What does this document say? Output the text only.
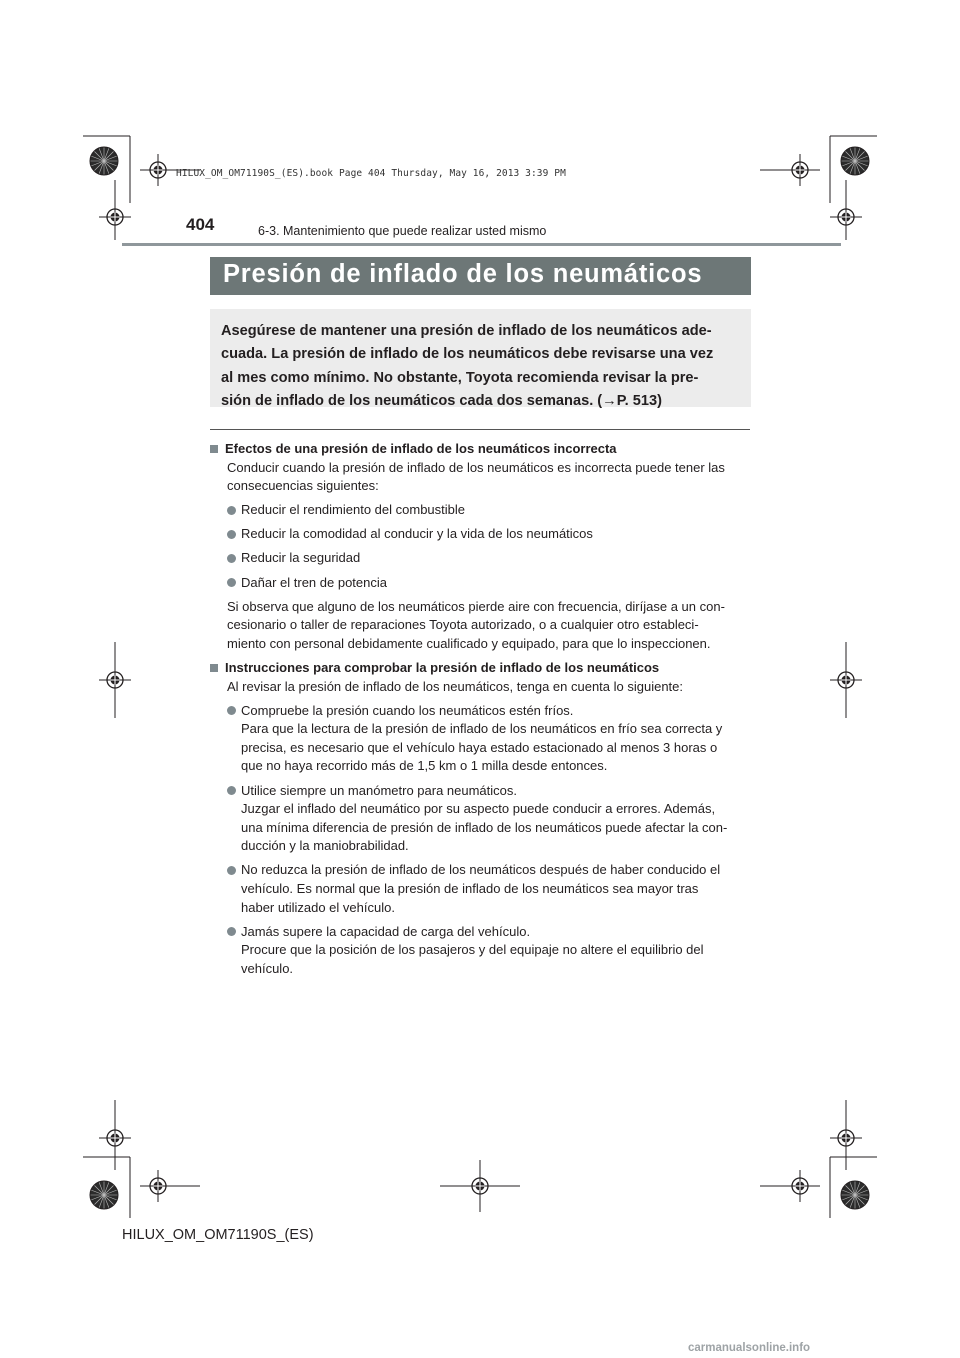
HILUX_OM_OM71190S_(ES).book Page 404 Thursday, May 16, 2013 3:39 PM
404	6-3. Mantenimiento que puede realizar usted mismo
Presión de inflado de los neumáticos
Asegúrese de mantener una presión de inflado de los neumáticos ade-
cuada. La presión de inflado de los neumáticos debe revisarse una vez
al mes como mínimo. No obstante, Toyota recomienda revisar la pre-
sión de inflado de los neumáticos cada dos semanas. (→P. 513)
Efectos de una presión de inflado de los neumáticos incorrecta
Conducir cuando la presión de inflado de los neumáticos es incorrecta puede tener las
consecuencias siguientes:
Reducir el rendimiento del combustible
Reducir la comodidad al conducir y la vida de los neumáticos
Reducir la seguridad
Dañar el tren de potencia
Si observa que alguno de los neumáticos pierde aire con frecuencia, diríjase a un con-
cesionario o taller de reparaciones Toyota autorizado, o a cualquier otro estableci-
miento con personal debidamente cualificado y equipado, para que lo inspeccionen.
Instrucciones para comprobar la presión de inflado de los neumáticos
Al revisar la presión de inflado de los neumáticos, tenga en cuenta lo siguiente:
Compruebe la presión cuando los neumáticos estén fríos.
Para que la lectura de la presión de inflado de los neumáticos en frío sea correcta y
precisa, es necesario que el vehículo haya estado estacionado al menos 3 horas o
que no haya recorrido más de 1,5 km o 1 milla desde entonces.
Utilice siempre un manómetro para neumáticos.
Juzgar el inflado del neumático por su aspecto puede conducir a errores. Además,
una mínima diferencia de presión de inflado de los neumáticos puede afectar la con-
ducción y la maniobrabilidad.
No reduzca la presión de inflado de los neumáticos después de haber conducido el
vehículo. Es normal que la presión de inflado de los neumáticos sea mayor tras
haber utilizado el vehículo.
Jamás supere la capacidad de carga del vehículo.
Procure que la posición de los pasajeros y del equipaje no altere el equilibrio del
vehículo.
HILUX_OM_OM71190S_(ES)
carmanualsonline.info
